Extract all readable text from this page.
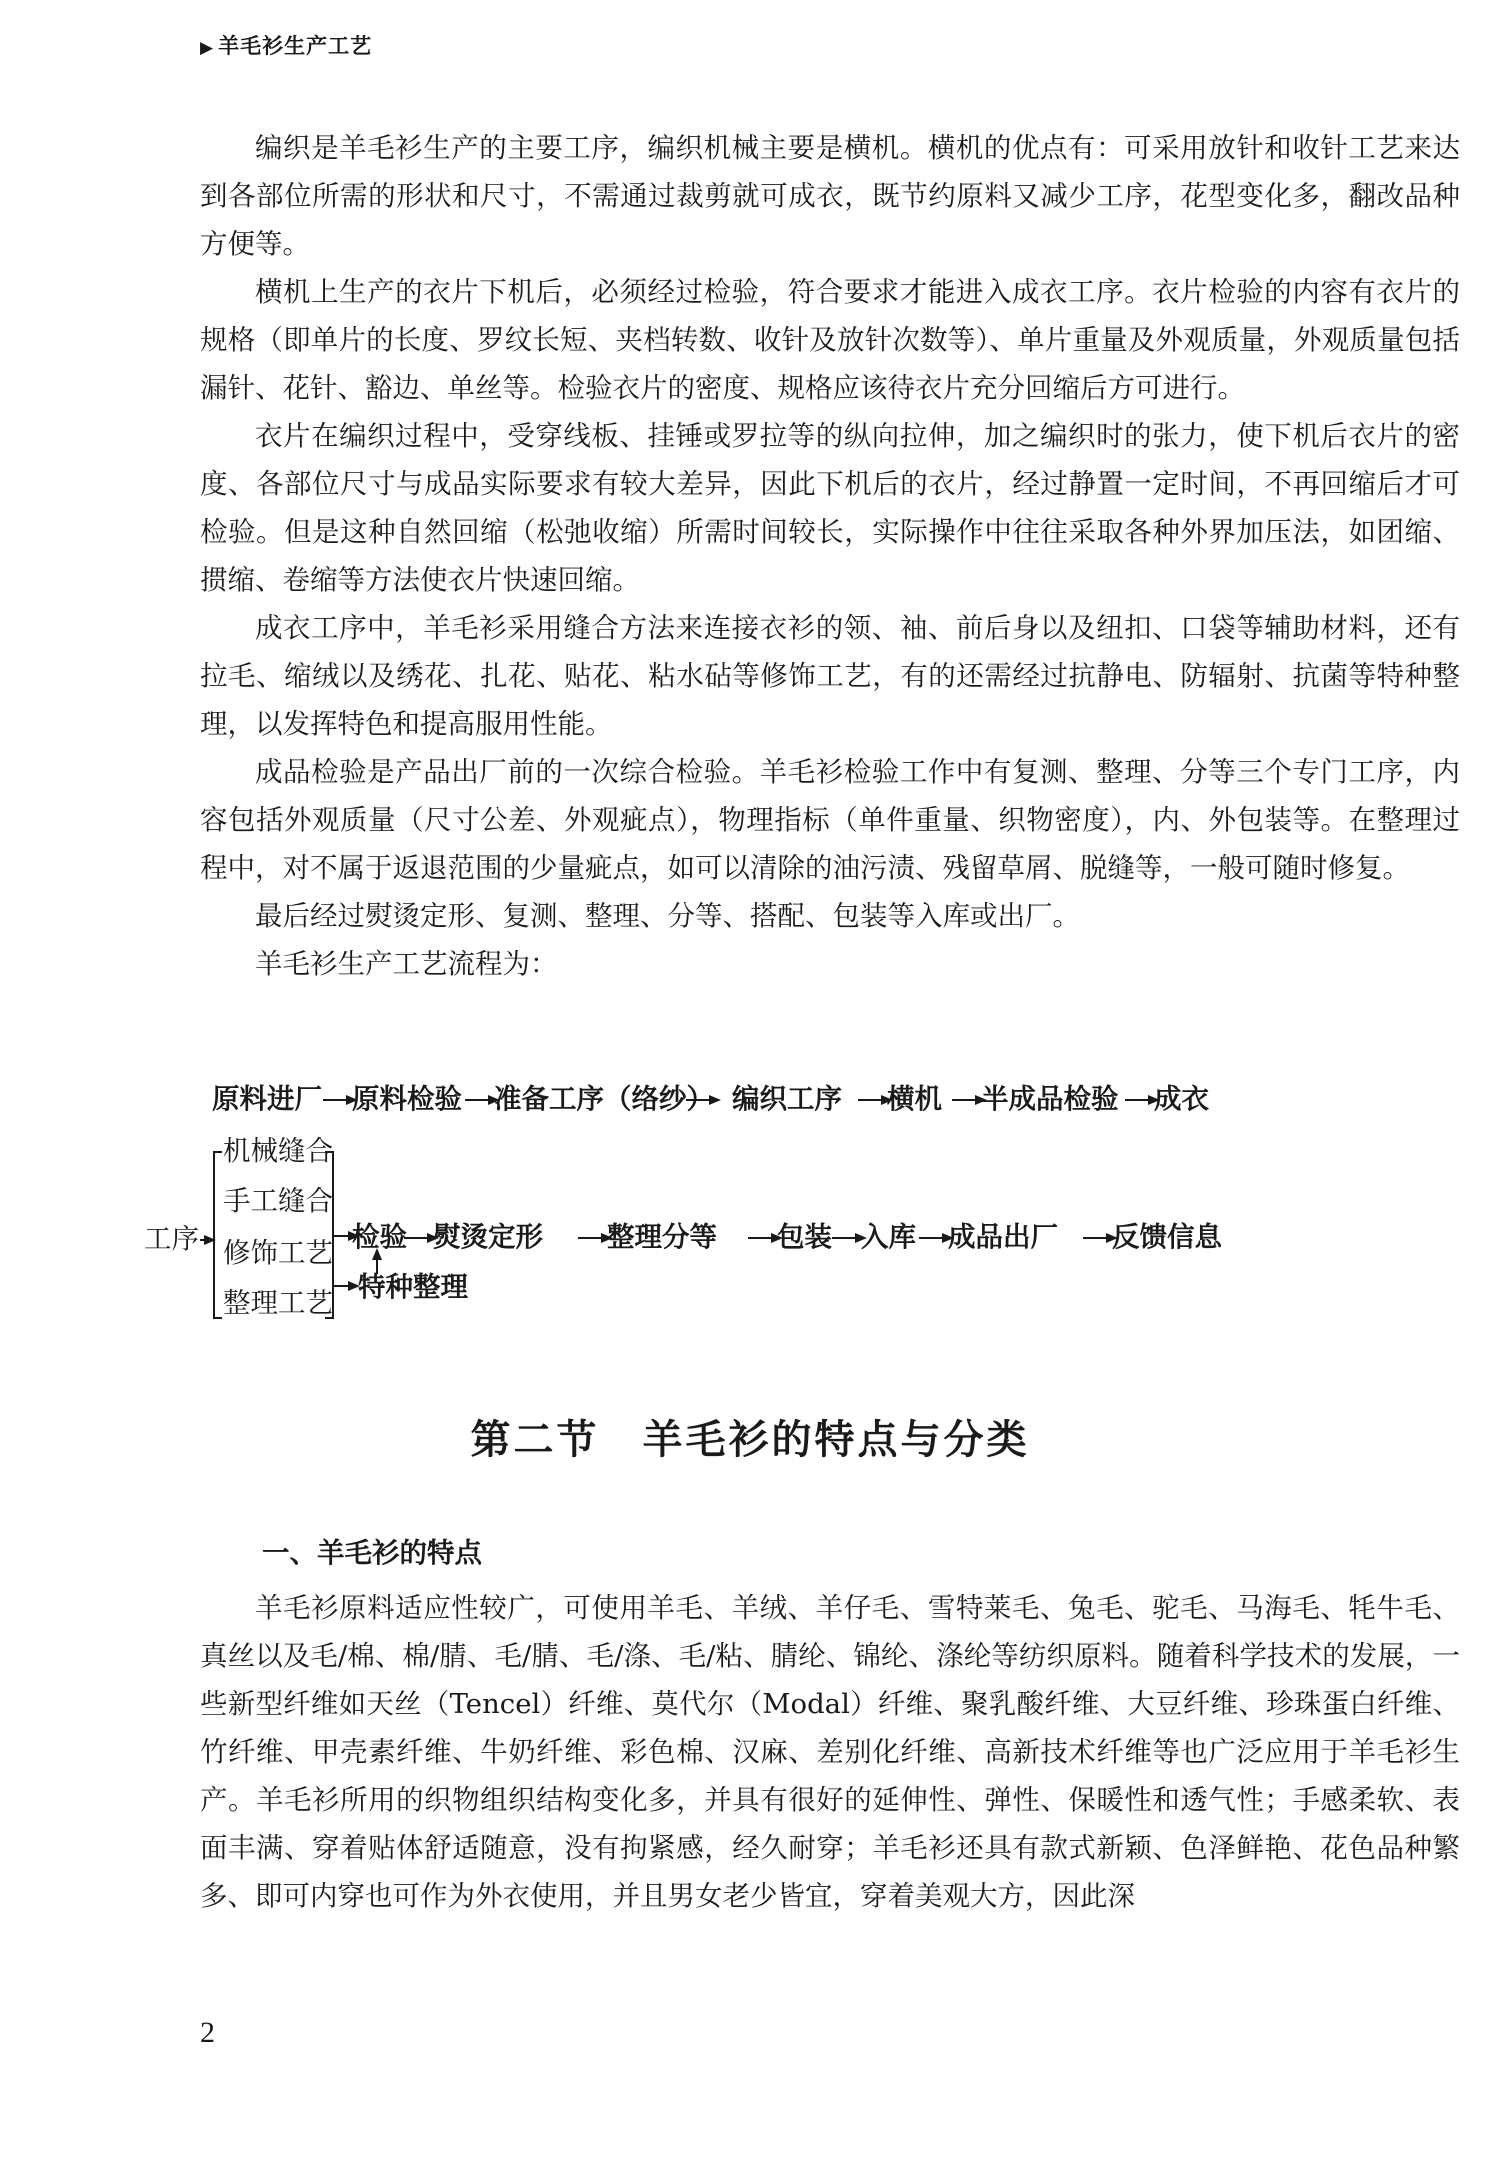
▶ 羊毛衫生产工艺

编织是羊毛衫生产的主要工序，编织机械主要是横机。横机的优点有：可采用放针和收针工艺来达到各部位所需的形状和尺寸，不需通过裁剪就可成衣，既节约原料又减少工序，花型变化多，翻改品种方便等。

横机上生产的衣片下机后，必须经过检验，符合要求才能进入成衣工序。衣片检验的内容有衣片的规格（即单片的长度、罗纹长短、夹档转数、收针及放针次数等）、单片重量及外观质量，外观质量包括漏针、花针、豁边、单丝等。检验衣片的密度、规格应该待衣片充分回缩后方可进行。

衣片在编织过程中，受穿线板、挂锤或罗拉等的纵向拉伸，加之编织时的张力，使下机后衣片的密度、各部位尺寸与成品实际要求有较大差异，因此下机后的衣片，经过静置一定时间，不再回缩后才可检验。但是这种自然回缩（松弛收缩）所需时间较长，实际操作中往往采取各种外界加压法，如团缩、掼缩、卷缩等方法使衣片快速回缩。

成衣工序中，羊毛衫采用缝合方法来连接衣衫的领、袖、前后身以及纽扣、口袋等辅助材料，还有拉毛、缩绒以及绣花、扎花、贴花、粘水砧等修饰工艺，有的还需经过抗静电、防辐射、抗菌等特种整理，以发挥特色和提高服用性能。

成品检验是产品出厂前的一次综合检验。羊毛衫检验工作中有复测、整理、分等三个专门工序，内容包括外观质量（尺寸公差、外观疵点），物理指标（单件重量、织物密度），内、外包装等。在整理过程中，对不属于返退范围的少量疵点，如可以清除的油污渍、残留草屑、脱缝等，一般可随时修复。

最后经过熨烫定形、复测、整理、分等、搭配、包装等入库或出厂。

羊毛衫生产工艺流程为：

原料进厂 原料检验 准备工序（络纱） 编织工序 横机 半成品检验 成衣
工序
机械缝合
手工缝合
修饰工艺
整理工艺
检验 熨烫定形 整理分等 包装 入库 成品出厂 反馈信息
特种整理
第二节　羊毛衫的特点与分类
一、羊毛衫的特点

羊毛衫原料适应性较广，可使用羊毛、羊绒、羊仔毛、雪特莱毛、兔毛、驼毛、马海毛、牦牛毛、真丝以及毛/棉、棉/腈、毛/腈、毛/涤、毛/粘、腈纶、锦纶、涤纶等纺织原料。随着科学技术的发展，一些新型纤维如天丝（Tencel）纤维、莫代尔（Modal）纤维、聚乳酸纤维、大豆纤维、珍珠蛋白纤维、竹纤维、甲壳素纤维、牛奶纤维、彩色棉、汉麻、差别化纤维、高新技术纤维等也广泛应用于羊毛衫生产。羊毛衫所用的织物组织结构变化多，并具有很好的延伸性、弹性、保暖性和透气性；手感柔软、表面丰满、穿着贴体舒适随意，没有拘紧感，经久耐穿；羊毛衫还具有款式新颖、色泽鲜艳、花色品种繁多、即可内穿也可作为外衣使用，并且男女老少皆宜，穿着美观大方，因此深

2
